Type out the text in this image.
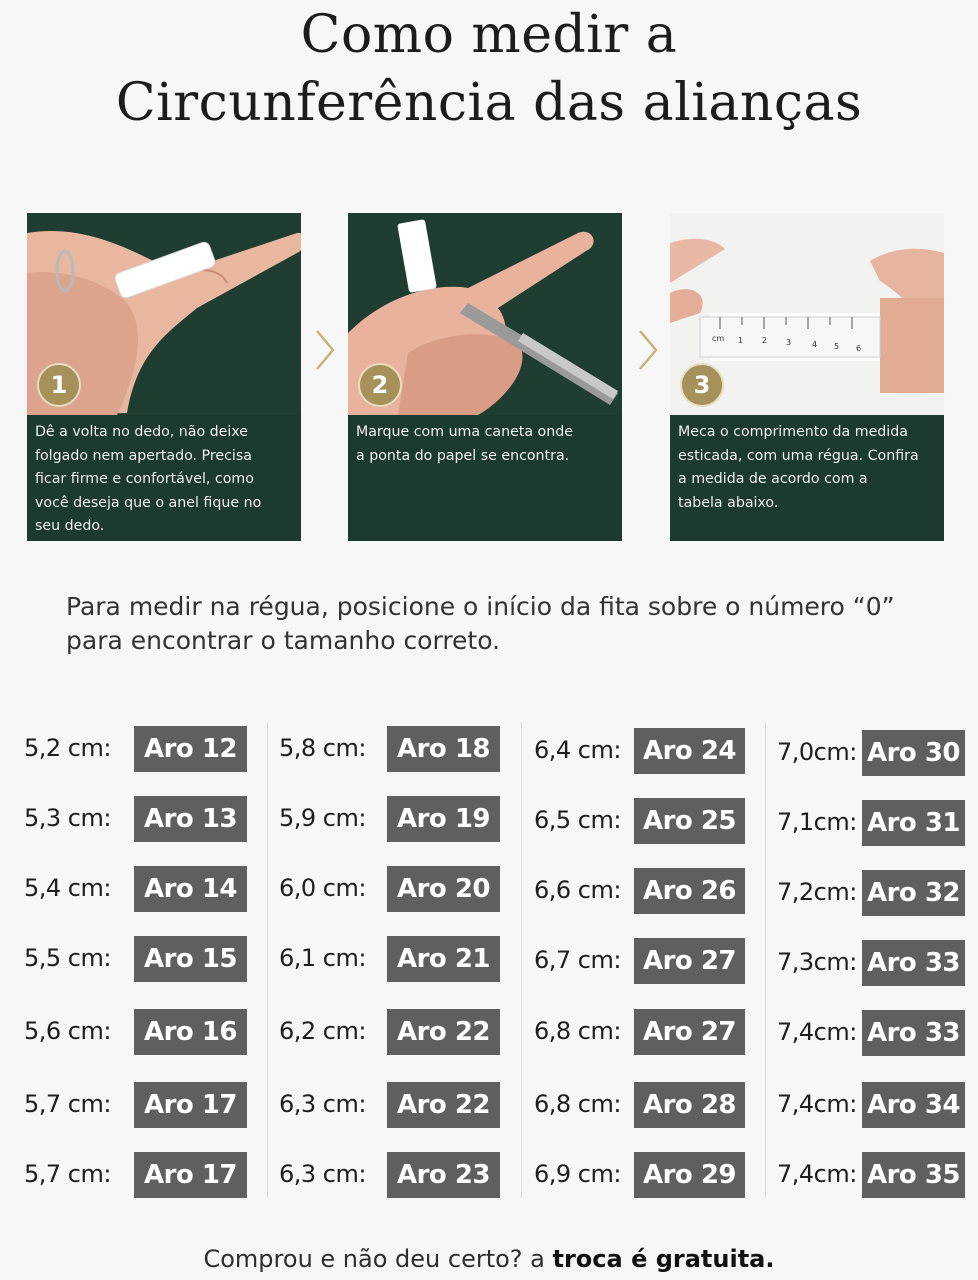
Como medir a
Circunferência das alianças
1
Dê a volta no dedo, não deixe
folgado nem apertado. Precisa
ficar firme e confortável, como
você deseja que o anel fique no
seu dedo.
2
Marque com uma caneta onde
a ponta do papel se encontra.
cm 1 2 3	4 5 6
3
Meca o comprimento da medida
esticada, com uma régua. Confira
a medida de acordo com a
tabela abaixo.
Para medir na régua, posicione o início da fita sobre o número “0” para encontrar o tamanho correto.
5,2 cm:	Aro 12
5,3 cm:	Aro 13
5,4 cm:	Aro 14
5,5 cm:	Aro 15
5,6 cm:	Aro 16
5,7 cm:	Aro 17
5,7 cm:	Aro 17
5,8 cm:	Aro 18
5,9 cm:	Aro 19
6,0 cm:	Aro 20
6,1 cm:	Aro 21
6,2 cm:	Aro 22
6,3 cm:	Aro 22
6,3 cm:	Aro 23
6,4 cm: Aro 24
6,5 cm: Aro 25
6,6 cm: Aro 26
6,7 cm: Aro 27
6,8 cm: Aro 27
6,8 cm: Aro 28
6,9 cm: Aro 29
7,0cm: Aro 30
7,1cm: Aro 31
7,2cm: Aro 32
7,3cm: Aro 33
7,4cm: Aro 33
7,4cm: Aro 34
7,4cm: Aro 35
Comprou e não deu certo? a troca é gratuita.
